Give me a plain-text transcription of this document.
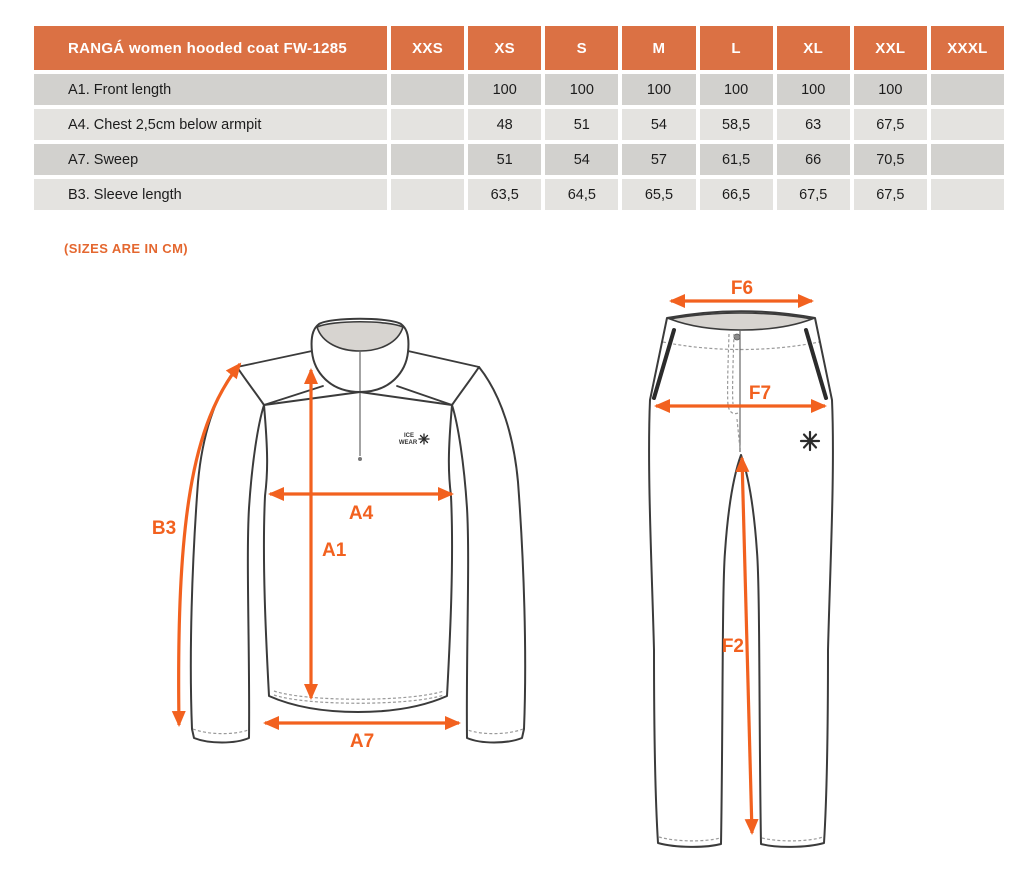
RANGÁ women hooded coat FW-1285	XXS	XS	S	M	L	XL	XXL	XXXL
A1. Front length		100	100	100	100	100	100	
A4. Chest 2,5cm below armpit		48	51	54	58,5	63	67,5	
A7. Sweep		51	54	57	61,5	66	70,5	
B3. Sleeve length		63,5	64,5	65,5	66,5	67,5	67,5	
(SIZES ARE IN CM)
ICE
WEAR
B3
A1
A4
A7
F6
F7
F2
